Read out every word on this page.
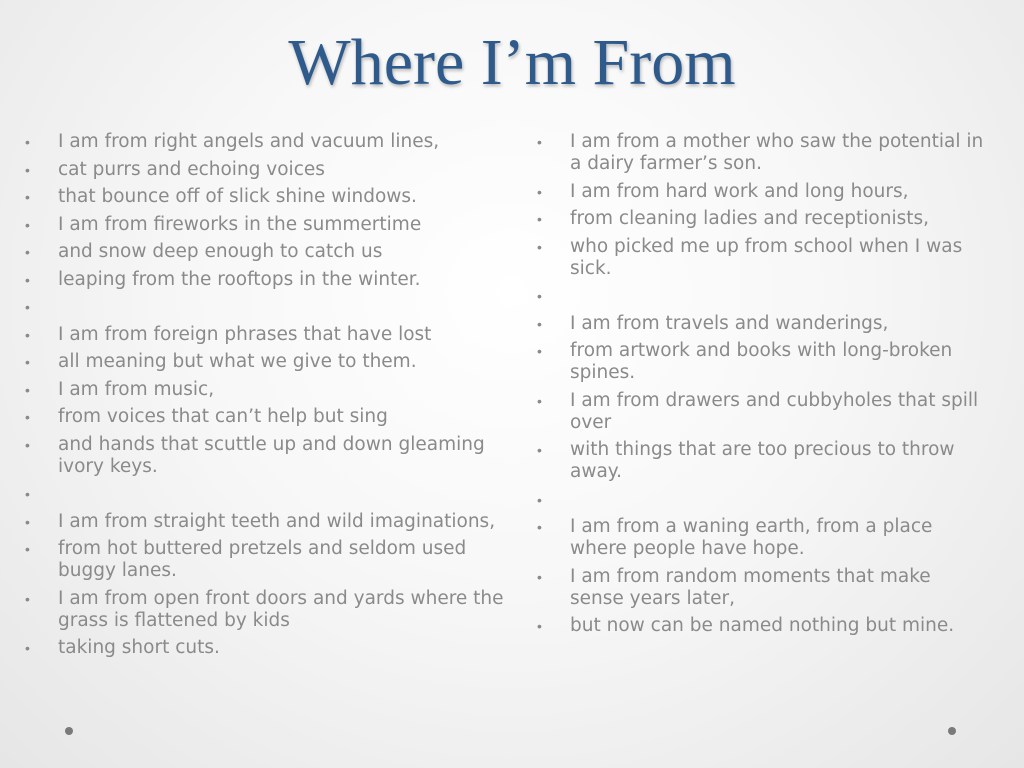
Where I’m From
• I am from right angels and vacuum lines,
• cat purrs and echoing voices
• that bounce off of slick shine windows.
• I am from fireworks in the summertime
• and snow deep enough to catch us
• leaping from the rooftops in the winter.
•
• I am from foreign phrases that have lost
• all meaning but what we give to them.
• I am from music,
• from voices that can’t help but sing
• and hands that scuttle up and down gleaming ivory keys.
•
• I am from straight teeth and wild imaginations,
• from hot buttered pretzels and seldom used buggy lanes.
• I am from open front doors and yards where the grass is flattened by kids
• taking short cuts.
• I am from a mother who saw the potential in a dairy farmer’s son.
• I am from hard work and long hours,
• from cleaning ladies and receptionists,
• who picked me up from school when I was sick.
•
• I am from travels and wanderings,
• from artwork and books with long-broken spines.
• I am from drawers and cubbyholes that spill over
• with things that are too precious to throw away.
•
• I am from a waning earth, from a place where people have hope.
• I am from random moments that make sense years later,
• but now can be named nothing but mine.
